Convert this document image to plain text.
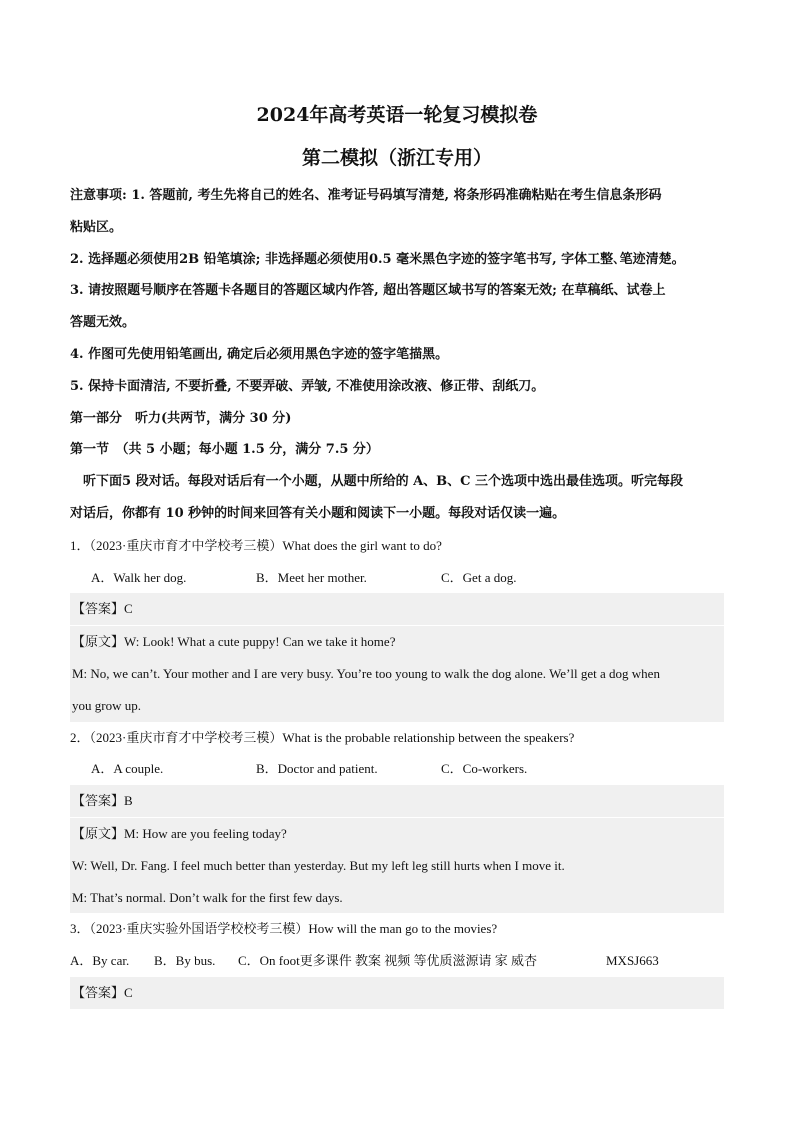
2024年高考英语一轮复习模拟卷
第二模拟（浙江专用）
注意事项: 1. 答题前, 考生先将自己的姓名、准考证号码填写清楚, 将条形码准确粘贴在考生信息条形码
粘贴区。
2. 选择题必须使用2B 铅笔填涂; 非选择题必须使用0.5 毫米黑色字迹的签字笔书写, 字体工整､笔迹清楚。
3. 请按照题号顺序在答题卡各题目的答题区域内作答, 超出答题区域书写的答案无效; 在草稿纸、试卷上
答题无效。
4. 作图可先使用铅笔画出, 确定后必须用黑色字迹的签字笔描黑。
5. 保持卡面清洁, 不要折叠, 不要弄破、弄皱, 不准使用涂改液、修正带、刮纸刀。
第一部分　听力(共两节，满分 30 分)
第一节　（共 5 小题；每小题 1.5 分，满分 7.5 分）
　听下面5 段对话。每段对话后有一个小题，从题中所给的 A、B、C 三个选项中选出最佳选项。听完每段
对话后，你都有 10 秒钟的时间来回答有关小题和阅读下一小题。每段对话仅读一遍。
1．（2023·重庆市育才中学校考三模）What does the girl want to do?
A．Walk her dog.	B．Meet her mother.	C．Get a dog.
【答案】C
【原文】W: Look! What a cute puppy! Can we take it home?
M: No, we can’t. Your mother and I are very busy. You’re too young to walk the dog alone. We’ll get a dog when
you grow up.
2．（2023·重庆市育才中学校考三模）What is the probable relationship between the speakers?
A．A couple.	B．Doctor and patient.	C．Co-workers.
【答案】B
【原文】M: How are you feeling today?
W: Well, Dr. Fang. I feel much better than yesterday. But my left leg still hurts when I move it.
M: That’s normal. Don’t walk for the first few days.
3．（2023·重庆实验外国语学校校考三模）How will the man go to the movies?
A．By car.	B．By bus.	C．On foot更多课件 教案 视频 等优质滋源请 家 威杏	MXSJ663
【答案】C
